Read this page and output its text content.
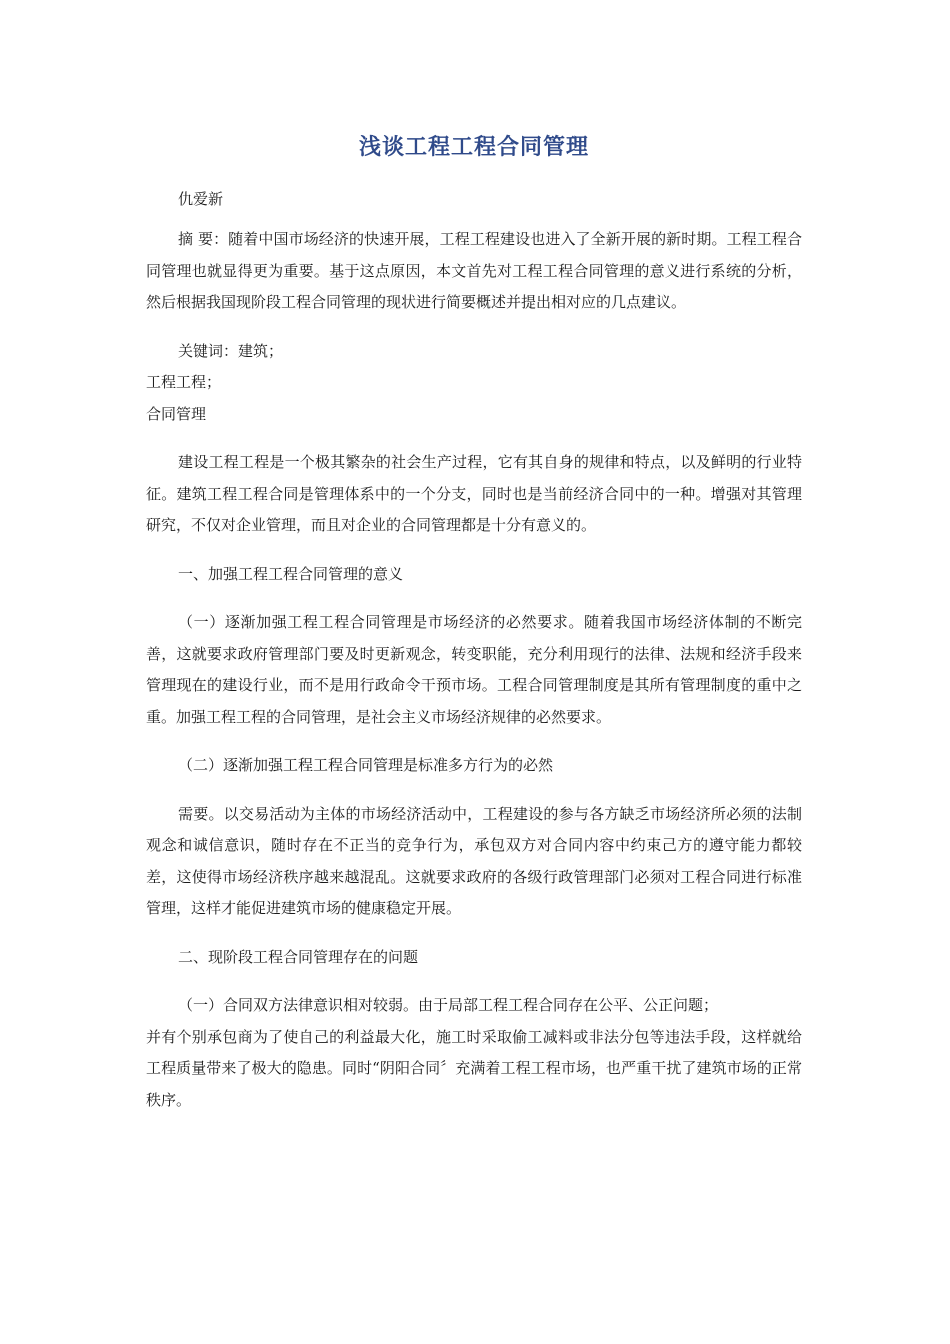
浅谈工程工程合同管理
仇爱新

摘 要：随着中国市场经济的快速开展，工程工程建设也进入了全新开展的新时期。工程工程合同管理也就显得更为重要。基于这点原因，本文首先对工程工程合同管理的意义进行系统的分析，然后根据我国现阶段工程合同管理的现状进行简要概述并提出相对应的几点建议。

关键词：建筑；
工程工程；
合同管理

建设工程工程是一个极其繁杂的社会生产过程，它有其自身的规律和特点，以及鲜明的行业特征。建筑工程工程合同是管理体系中的一个分支，同时也是当前经济合同中的一种。增强对其管理研究，不仅对企业管理，而且对企业的合同管理都是十分有意义的。

一、加强工程工程合同管理的意义

（一）逐渐加强工程工程合同管理是市场经济的必然要求。随着我国市场经济体制的不断完善，这就要求政府管理部门要及时更新观念，转变职能，充分利用现行的法律、法规和经济手段来管理现在的建设行业，而不是用行政命令干预市场。工程合同管理制度是其所有管理制度的重中之重。加强工程工程的合同管理，是社会主义市场经济规律的必然要求。

（二）逐渐加强工程工程合同管理是标准多方行为的必然

需要。以交易活动为主体的市场经济活动中，工程建设的参与各方缺乏市场经济所必须的法制观念和诚信意识，随时存在不正当的竞争行为，承包双方对合同内容中约束己方的遵守能力都较差，这使得市场经济秩序越来越混乱。这就要求政府的各级行政管理部门必须对工程合同进行标准管理，这样才能促进建筑市场的健康稳定开展。

二、现阶段工程合同管理存在的问题

（一）合同双方法律意识相对较弱。由于局部工程工程合同存在公平、公正问题；

并有个别承包商为了使自己的利益最大化，施工时采取偷工减料或非法分包等违法手段，这样就给工程质量带来了极大的隐患。同时“阴阳合同〞充满着工程工程市场，也严重干扰了建筑市场的正常秩序。
